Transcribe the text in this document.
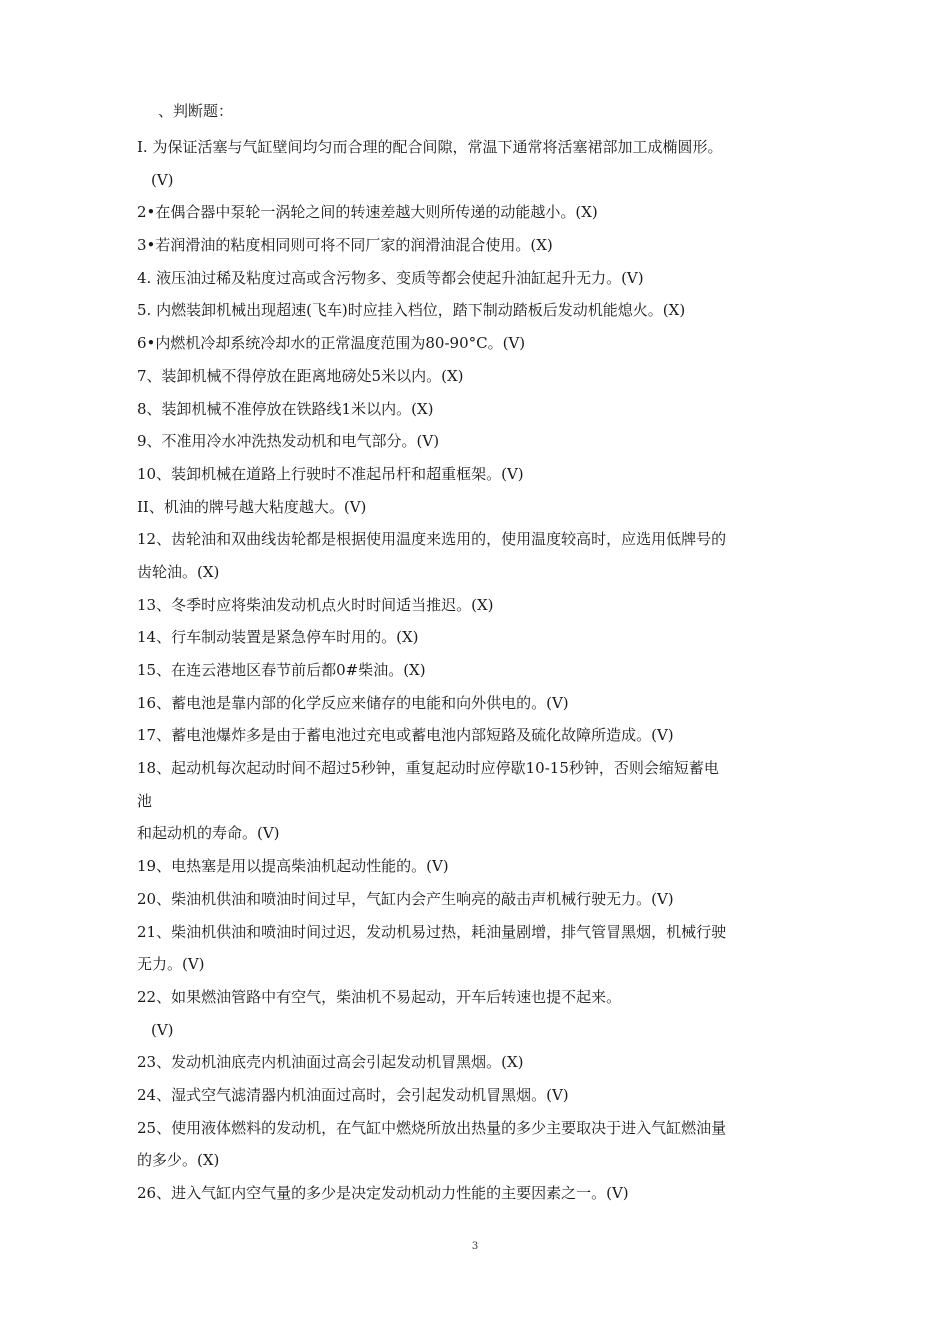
、判断题：
I. 为保证活塞与气缸壁间均匀而合理的配合间隙，常温下通常将活塞裙部加工成椭圆形。
(V)
2•在偶合器中泵轮一涡轮之间的转速差越大则所传递的动能越小。(X)
3•若润滑油的粘度相同则可将不同厂家的润滑油混合使用。(X)
4. 液压油过稀及粘度过高或含污物多、变质等都会使起升油缸起升无力。(V)
5. 内燃装卸机械出现超速(飞车)时应挂入档位，踏下制动踏板后发动机能熄火。(X)
6•内燃机冷却系统冷却水的正常温度范围为80-90°C。(V)
7、装卸机械不得停放在距离地磅处5米以内。(X)
8、装卸机械不准停放在铁路线1米以内。(X)
9、不准用冷水冲洗热发动机和电气部分。(V)
10、装卸机械在道路上行驶时不准起吊杆和超重框架。(V)
II、机油的牌号越大粘度越大。(V)
12、齿轮油和双曲线齿轮都是根据使用温度来选用的，使用温度较高时，应选用低牌号的
齿轮油。(X)
13、冬季时应将柴油发动机点火时时间适当推迟。(X)
14、行车制动装置是紧急停车时用的。(X)
15、在连云港地区春节前后都0#柴油。(X)
16、蓄电池是靠内部的化学反应来储存的电能和向外供电的。(V)
17、蓄电池爆炸多是由于蓄电池过充电或蓄电池内部短路及硫化故障所造成。(V)
18、起动机每次起动时间不超过5秒钟，重复起动时应停歇10-15秒钟，否则会缩短蓄电
池
和起动机的寿命。(V)
19、电热塞是用以提高柴油机起动性能的。(V)
20、柴油机供油和喷油时间过早，气缸内会产生响亮的敲击声机械行驶无力。(V)
21、柴油机供油和喷油时间过迟，发动机易过热，耗油量剧增，排气管冒黑烟，机械行驶
无力。(V)
22、如果燃油管路中有空气，柴油机不易起动，开车后转速也提不起来。
(V)
23、发动机油底壳内机油面过高会引起发动机冒黑烟。(X)
24、湿式空气滤清器内机油面过高时，会引起发动机冒黑烟。(V)
25、使用液体燃料的发动机，在气缸中燃烧所放出热量的多少主要取决于进入气缸燃油量
的多少。(X)
26、进入气缸内空气量的多少是决定发动机动力性能的主要因素之一。(V)
3
